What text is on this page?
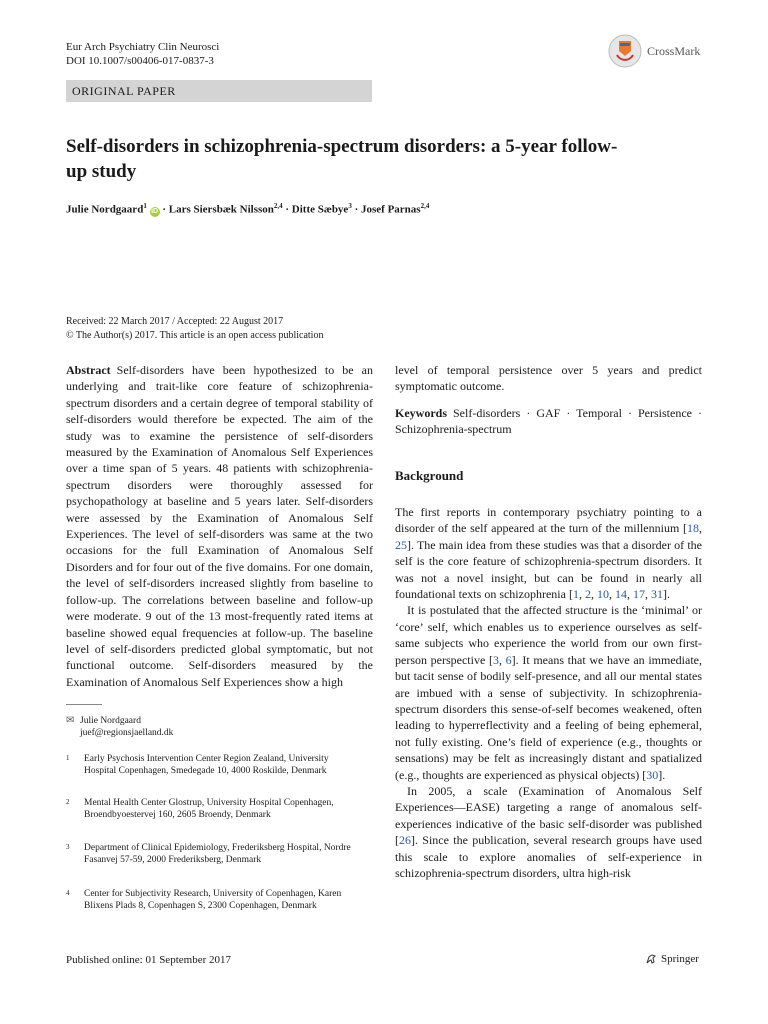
Eur Arch Psychiatry Clin Neurosci
DOI 10.1007/s00406-017-0837-3
CrossMark
ORIGINAL PAPER
Self-disorders in schizophrenia-spectrum disorders: a 5-year follow-up study
Julie Nordgaard$^1$ iD · Lars Siersbæk Nilsson$^{2,4}$ · Ditte Sæbye$^3$ · Josef Parnas$^{2,4}$
Received: 22 March 2017 / Accepted: 22 August 2017
© The Author(s) 2017. This article is an open access publication

Abstract Self-disorders have been hypothesized to be an underlying and trait-like core feature of schizophrenia-spectrum disorders and a certain degree of temporal stability of self-disorders would therefore be expected. The aim of the study was to examine the persistence of self-disorders measured by the Examination of Anomalous Self Experiences over a time span of 5 years. 48 patients with schizophrenia-spectrum disorders were thoroughly assessed for psychopathology at baseline and 5 years later. Self-disorders were assessed by the Examination of Anomalous Self Experiences. The level of self-disorders was same at the two occasions for the full Examination of Anomalous Self Disorders and for four out of the five domains. For one domain, the level of self-disorders increased slightly from baseline to follow-up. The correlations between baseline and follow-up were moderate. 9 out of the 13 most-frequently rated items at baseline showed equal frequencies at follow-up. The baseline level of self-disorders predicted global symptomatic, but not functional outcome. Self-disorders measured by the Examination of Anomalous Self Experiences show a high

✉ Julie Nordgaard
juef@regionsjaelland.dk
1	Early Psychosis Intervention Center Region Zealand, University Hospital Copenhagen, Smedegade 10, 4000 Roskilde, Denmark
2	Mental Health Center Glostrup, University Hospital Copenhagen, Broendbyoestervej 160, 2605 Broendy, Denmark
3	Department of Clinical Epidemiology, Frederiksberg Hospital, Nordre Fasanvej 57-59, 2000 Frederiksberg, Denmark
4	Center for Subjectivity Research, University of Copenhagen, Karen Blixens Plads 8, Copenhagen S, 2300 Copenhagen, Denmark

level of temporal persistence over 5 years and predict symptomatic outcome.

Keywords Self-disorders · GAF · Temporal · Persistence · Schizophrenia-spectrum

Background

The first reports in contemporary psychiatry pointing to a disorder of the self appeared at the turn of the millennium [18, 25]. The main idea from these studies was that a disorder of the self is the core feature of schizophrenia-spectrum disorders. It was not a novel insight, but can be found in nearly all foundational texts on schizophrenia [1, 2, 10, 14, 17, 31].

It is postulated that the affected structure is the ‘minimal’ or ‘core’ self, which enables us to experience ourselves as self-same subjects who experience the world from our own first-person perspective [3, 6]. It means that we have an immediate, but tacit sense of bodily self-presence, and all our mental states are imbued with a sense of subjectivity. In schizophrenia-spectrum disorders this sense-of-self becomes weakened, often leading to hyperreflectivity and a feeling of being ephemeral, not fully existing. One’s field of experience (e.g., thoughts or sensations) may be felt as increasingly distant and spatialized (e.g., thoughts are experienced as physical objects) [30].

In 2005, a scale (Examination of Anomalous Self Experiences—EASE) targeting a range of anomalous self-experiences indicative of the basic self-disorder was published [26]. Since the publication, several research groups have used this scale to explore anomalies of self-experience in schizophrenia-spectrum disorders, ultra high-risk

Published online: 01 September 2017	Springer
